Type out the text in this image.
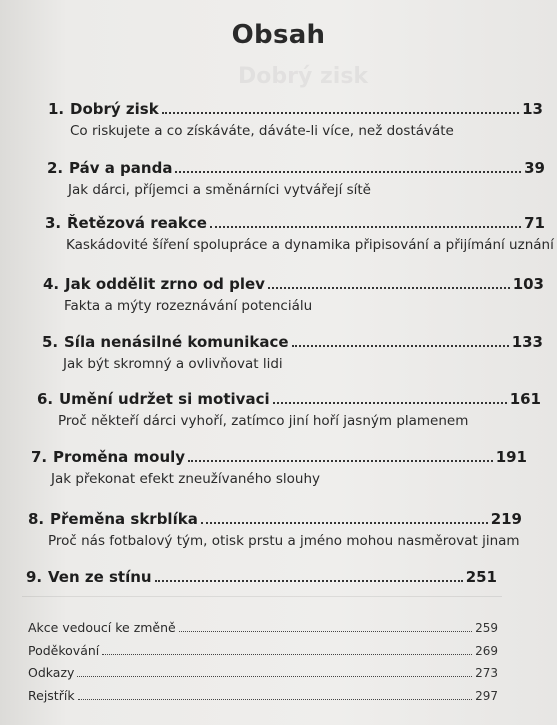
Dobrý zisk
Obsah
1. Dobrý zisk	13
Co riskujete a co získáváte, dáváte-li více, než dostáváte
2. Páv a panda	39
Jak dárci, příjemci a směnárníci vytvářejí sítě
3. Řetězová reakce	71
Kaskádovité šíření spolupráce a dynamika připisování a přijímání uznání
4. Jak oddělit zrno od plev	103
Fakta a mýty rozeznávání potenciálu
5. Síla nenásilné komunikace	133
Jak být skromný a ovlivňovat lidi
6. Umění udržet si motivaci	161
Proč někteří dárci vyhoří, zatímco jiní hoří jasným plamenem
7. Proměna mouly	191
Jak překonat efekt zneužívaného slouhy
8. Přeměna skrblíka	219
Proč nás fotbalový tým, otisk prstu a jméno mohou nasměrovat jinam
9. Ven ze stínu	251
Akce vedoucí ke změně	259
Poděkování	269
Odkazy	273
Rejstřík	297
